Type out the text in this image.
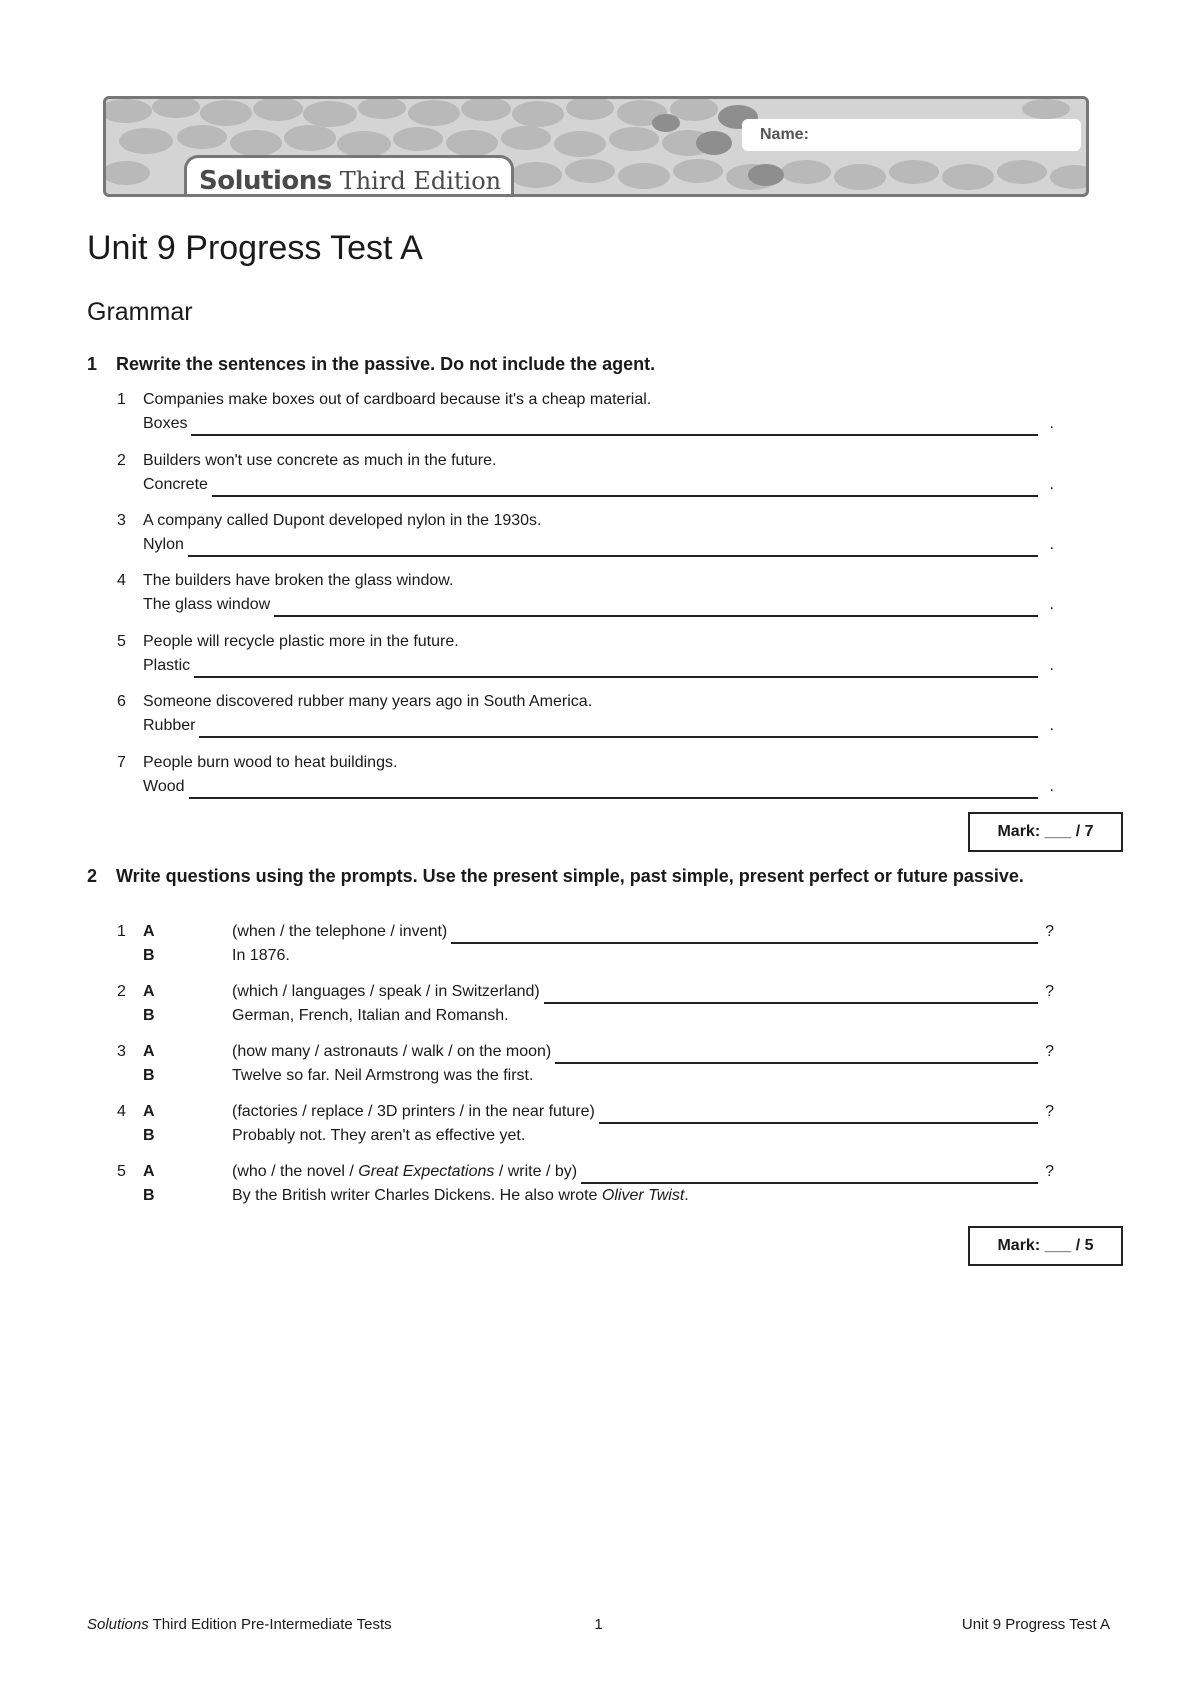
Name:
Solutions Third Edition
Unit 9 Progress Test A
Grammar
1	Rewrite the sentences in the passive. Do not include the agent.
1	Companies make boxes out of cardboard because it's a cheap material.
Boxes	.
2	Builders won't use concrete as much in the future.
Concrete	.
3	A company called Dupont developed nylon in the 1930s.
Nylon	.
4	The builders have broken the glass window.
The glass window	.
5	People will recycle plastic more in the future.
Plastic	.
6	Someone discovered rubber many years ago in South America.
Rubber	.
7	People burn wood to heat buildings.
Wood	.
Mark: ___ / 7
2	Write questions using the prompts. Use the present simple, past simple, present perfect or future passive.
1	A	(when / the telephone / invent)	?
B	In 1876.
2	A	(which / languages / speak / in Switzerland)	?
B	German, French, Italian and Romansh.
3	A	(how many / astronauts / walk / on the moon)	?
B	Twelve so far. Neil Armstrong was the first.
4	A	(factories / replace / 3D printers / in the near future)	?
B	Probably not. They aren't as effective yet.
5	A	(who / the novel / Great Expectations / write / by)	?
B	By the British writer Charles Dickens. He also wrote Oliver Twist.
Mark: ___ / 5
Solutions Third Edition Pre-Intermediate Tests	1	Unit 9 Progress Test A
